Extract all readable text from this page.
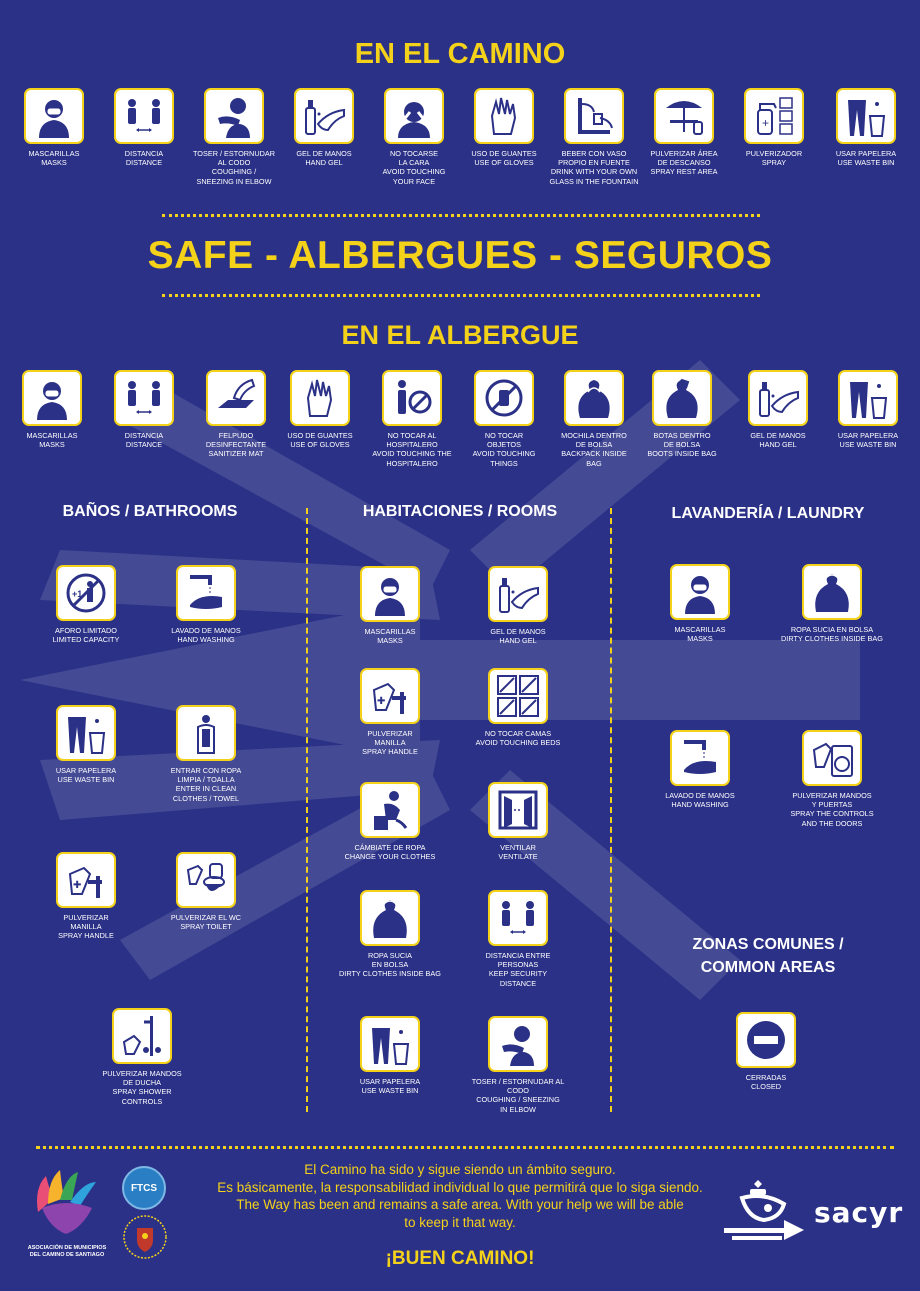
EN EL CAMINO
MASCARILLAS
MASKS
DISTANCIA
DISTANCE
TOSER / ESTORNUDAR
AL CODO
COUGHING /
SNEEZING IN ELBOW
GEL DE MANOS
HAND GEL
NO TOCARSE
LA CARA
AVOID TOUCHING
YOUR FACE
USO DE GUANTES
USE OF GLOVES
BEBER CON VASO
PROPIO EN FUENTE
DRINK WITH YOUR OWN
GLASS IN THE FOUNTAIN
PULVERIZAR ÁREA
DE DESCANSO
SPRAY REST AREA
+
PULVERIZADOR
SPRAY
USAR PAPELERA
USE WASTE BIN
SAFE - ALBERGUES - SEGUROS
EN EL ALBERGUE
MASCARILLAS
MASKS
DISTANCIA
DISTANCE
FELPUDO
DESINFECTANTE
SANITIZER MAT
USO DE GUANTES
USE OF GLOVES
NO TOCAR AL
HOSPITALERO
AVOID TOUCHING THE
HOSPITALERO
NO TOCAR
OBJETOS
AVOID TOUCHING
THINGS
MOCHILA DENTRO
DE BOLSA
BACKPACK INSIDE
BAG
BOTAS DENTRO
DE BOLSA
BOOTS INSIDE BAG
GEL DE MANOS
HAND GEL
USAR PAPELERA
USE WASTE BIN
BAÑOS / BATHROOMS	HABITACIONES / ROOMS	LAVANDERÍA / LAUNDRY
ZONAS COMUNES /
COMMON AREAS
+1
AFORO LIMITADO
LIMITED CAPACITY
LAVADO DE MANOS
HAND WASHING
USAR PAPELERA
USE WASTE BIN
ENTRAR CON ROPA
LIMPIA / TOALLA
ENTER IN CLEAN
CLOTHES / TOWEL
✚
PULVERIZAR
MANILLA
SPRAY HANDLE
PULVERIZAR EL WC
SPRAY TOILET
PULVERIZAR MANDOS
DE DUCHA
SPRAY SHOWER
CONTROLS
MASCARILLAS
MASKS
GEL DE MANOS
HAND GEL
✚
PULVERIZAR
MANILLA
SPRAY HANDLE
NO TOCAR CAMAS
AVOID TOUCHING BEDS
CÁMBIATE DE ROPA
CHANGE YOUR CLOTHES
VENTILAR
VENTILATE
ROPA SUCIA
EN BOLSA
DIRTY CLOTHES INSIDE BAG
DISTANCIA ENTRE
PERSONAS
KEEP SECURITY
DISTANCE
USAR PAPELERA
USE WASTE BIN
TOSER / ESTORNUDAR AL
CODO
COUGHING / SNEEZING
IN ELBOW
MASCARILLAS
MASKS
ROPA SUCIA EN BOLSA
DIRTY CLOTHES INSIDE BAG
LAVADO DE MANOS
HAND WASHING
PULVERIZAR MANDOS
Y PUERTAS
SPRAY THE CONTROLS
AND THE DOORS
CERRADAS
CLOSED
ASOCIACIÓN DE MUNICIPIOS
DEL CAMINO DE SANTIAGO
FTCS
El Camino ha sido y sigue siendo un ámbito seguro.
Es básicamente, la responsabilidad individual lo que permitirá que lo siga siendo.
The Way has been and remains a safe area. With your help we will be able
to keep it that way.
¡BUEN CAMINO!
sacyr
